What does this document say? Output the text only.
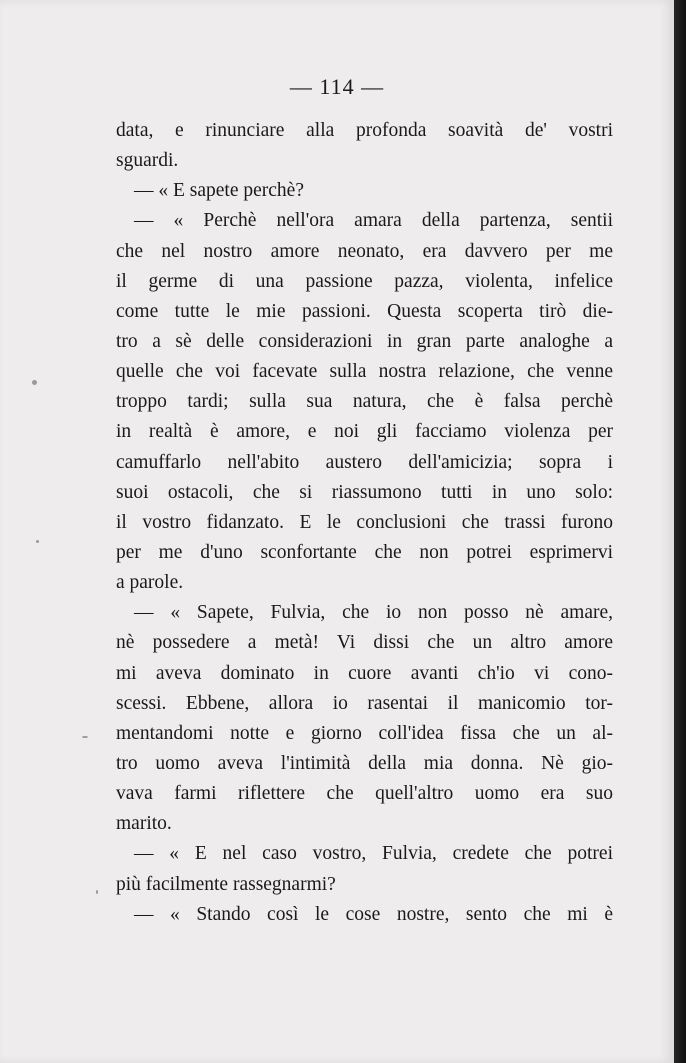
— 114 —
data, e rinunciare alla profonda soavità de' vostri
sguardi.
— « E sapete perchè?
— « Perchè nell'ora amara della partenza, sentii
che nel nostro amore neonato, era davvero per me
il germe di una passione pazza, violenta, infelice
come tutte le mie passioni. Questa scoperta tirò die-
tro a sè delle considerazioni in gran parte analoghe a
quelle che voi facevate sulla nostra relazione, che venne
troppo tardi; sulla sua natura, che è falsa perchè
in realtà è amore, e noi gli facciamo violenza per
camuffarlo nell'abito austero dell'amicizia; sopra i
suoi ostacoli, che si riassumono tutti in uno solo:
il vostro fidanzato. E le conclusioni che trassi furono
per me d'uno sconfortante che non potrei esprimervi
a parole.
— « Sapete, Fulvia, che io non posso nè amare,
nè possedere a metà! Vi dissi che un altro amore
mi aveva dominato in cuore avanti ch'io vi cono-
scessi. Ebbene, allora io rasentai il manicomio tor-
mentandomi notte e giorno coll'idea fissa che un al-
tro uomo aveva l'intimità della mia donna. Nè gio-
vava farmi riflettere che quell'altro uomo era suo
marito.
— « E nel caso vostro, Fulvia, credete che potrei
più facilmente rassegnarmi?
— « Stando così le cose nostre, sento che mi è
